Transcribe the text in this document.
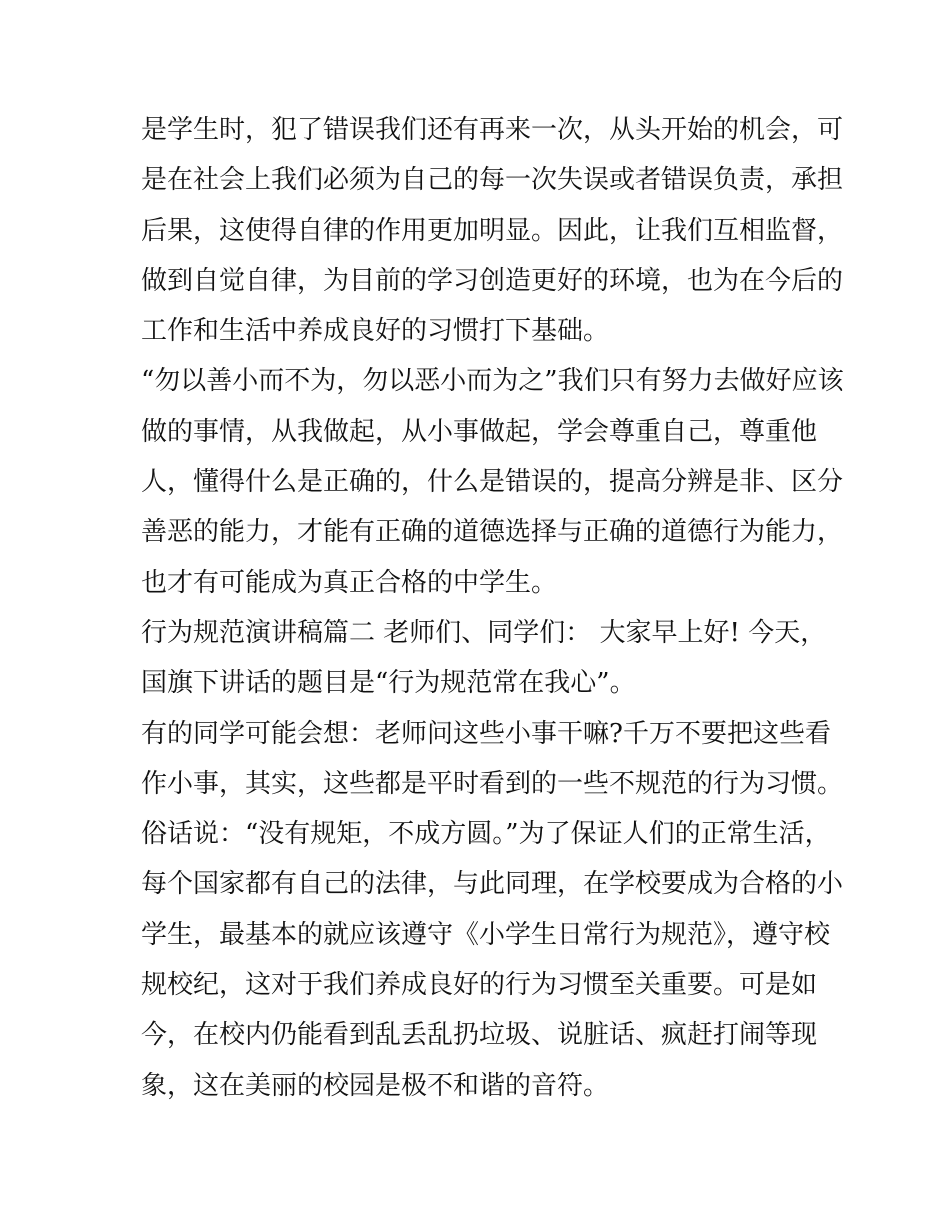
是学生时，犯了错误我们还有再来一次，从头开始的机会，可
是在社会上我们必须为自己的每一次失误或者错误负责，承担
后果，这使得自律的作用更加明显。因此，让我们互相监督，
做到自觉自律，为目前的学习创造更好的环境，也为在今后的
工作和生活中养成良好的习惯打下基础。
“勿以善小而不为，勿以恶小而为之”我们只有努力去做好应该
做的事情，从我做起，从小事做起，学会尊重自己，尊重他
人，懂得什么是正确的，什么是错误的，提高分辨是非、区分
善恶的能力，才能有正确的道德选择与正确的道德行为能力，
也才有可能成为真正合格的中学生。
行为规范演讲稿篇二 老师们、同学们： 大家早上好! 今天，
国旗下讲话的题目是“行为规范常在我心”。
有的同学可能会想：老师问这些小事干嘛?千万不要把这些看
作小事，其实，这些都是平时看到的一些不规范的行为习惯。
俗话说：“没有规矩，不成方圆。”为了保证人们的正常生活，
每个国家都有自己的法律，与此同理，在学校要成为合格的小
学生，最基本的就应该遵守《小学生日常行为规范》，遵守校
规校纪，这对于我们养成良好的行为习惯至关重要。可是如
今，在校内仍能看到乱丢乱扔垃圾、说脏话、疯赶打闹等现
象，这在美丽的校园是极不和谐的音符。
